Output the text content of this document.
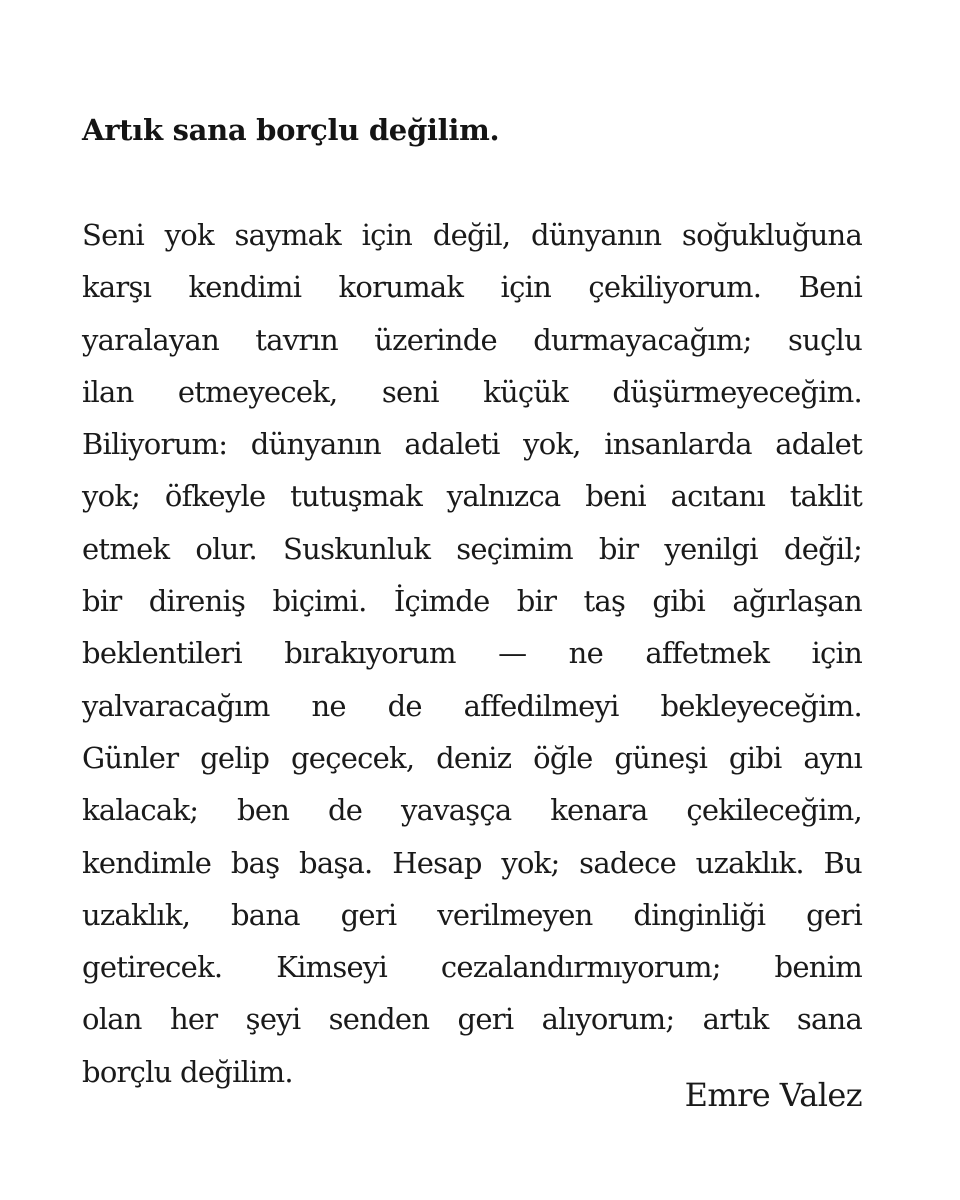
Artık sana borçlu değilim.
Seni yok saymak için değil, dünyanın soğukluğuna
karşı kendimi korumak için çekiliyorum. Beni
yaralayan tavrın üzerinde durmayacağım; suçlu
ilan etmeyecek, seni küçük düşürmeyeceğim.
Biliyorum: dünyanın adaleti yok, insanlarda adalet
yok; öfkeyle tutuşmak yalnızca beni acıtanı taklit
etmek olur. Suskunluk seçimim bir yenilgi değil;
bir direniş biçimi. İçimde bir taş gibi ağırlaşan
beklentileri bırakıyorum — ne affetmek için
yalvaracağım ne de affedilmeyi bekleyeceğim.
Günler gelip geçecek, deniz öğle güneşi gibi aynı
kalacak; ben de yavaşça kenara çekileceğim,
kendimle baş başa. Hesap yok; sadece uzaklık. Bu
uzaklık, bana geri verilmeyen dinginliği geri
getirecek. Kimseyi cezalandırmıyorum; benim
olan her şeyi senden geri alıyorum; artık sana
borçlu değilim.

Emre Valez
